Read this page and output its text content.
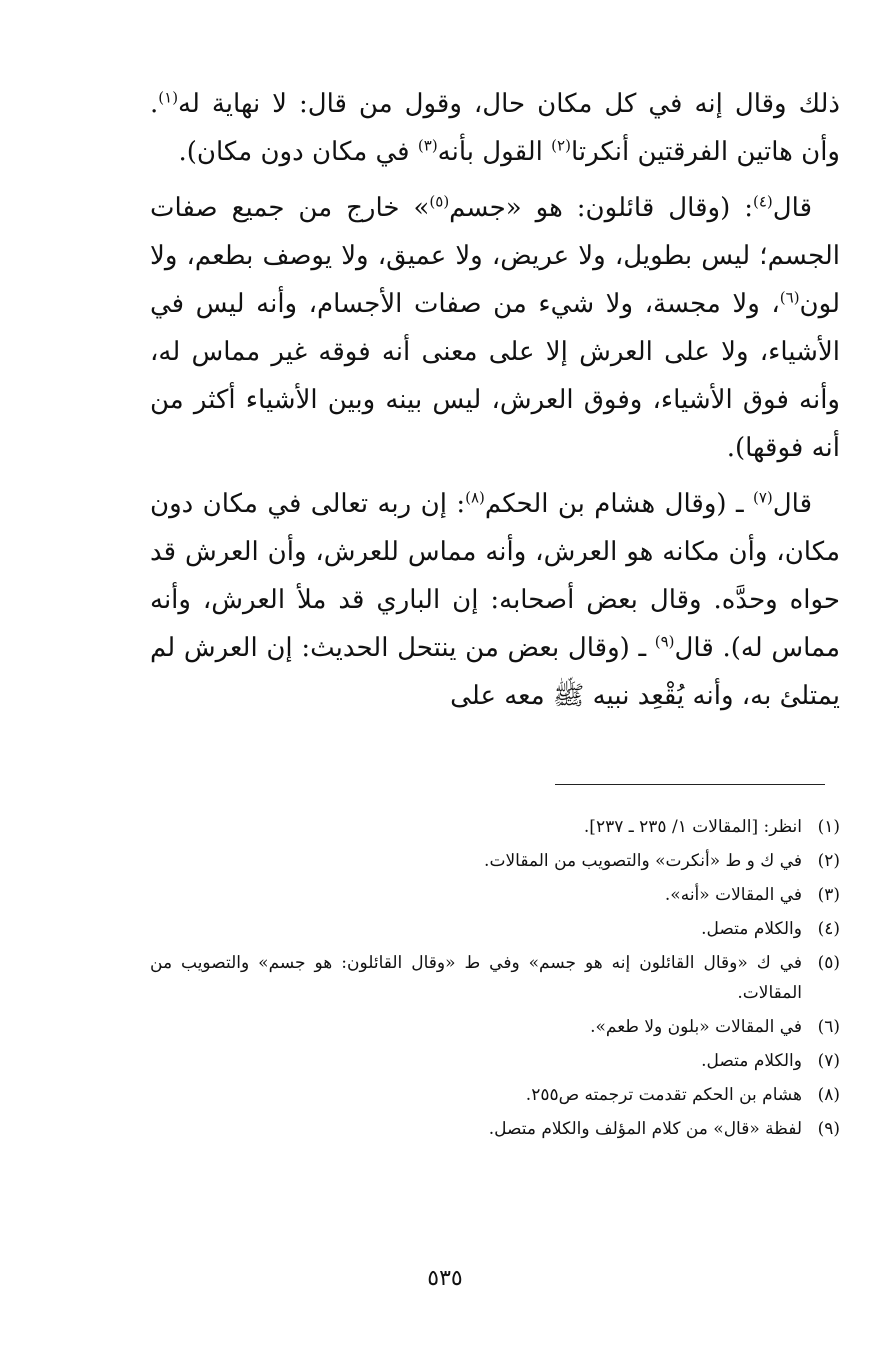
ذلك وقال إنه في كل مكان حال، وقول من قال: لا نهاية له$^{(١)}$. وأن هاتين الفرقتين أنكرتا$^{(٢)}$ القول بأنه$^{(٣)}$ في مكان دون مكان).

قال$^{(٤)}$: (وقال قائلون: هو «جسم$^{(٥)}$» خارج من جميع صفات الجسم؛ ليس بطويل، ولا عريض، ولا عميق، ولا يوصف بطعم، ولا لون$^{(٦)}$، ولا مجسة، ولا شيء من صفات الأجسام، وأنه ليس في الأشياء، ولا على العرش إلا على معنى أنه فوقه غير مماس له، وأنه فوق الأشياء، وفوق العرش، ليس بينه وبين الأشياء أكثر من أنه فوقها).

قال$^{(٧)}$ ـ (وقال هشام بن الحكم$^{(٨)}$: إن ربه تعالى في مكان دون مكان، وأن مكانه هو العرش، وأنه مماس للعرش، وأن العرش قد حواه وحدَّه. وقال بعض أصحابه: إن الباري قد ملأ العرش، وأنه مماس له). قال$^{(٩)}$ ـ (وقال بعض من ينتحل الحديث: إن العرش لم يمتلئ به، وأنه يُقْعِد نبيه ﷺ معه على

(١)
انظر: [المقالات ١/ ٢٣٥ ـ ٢٣٧].
(٢)
في ك و ط «أنكرت» والتصويب من المقالات.
(٣)
في المقالات «أنه».
(٤)
والكلام متصل.
(٥)
في ك «وقال القائلون إنه هو جسم» وفي ط «وقال القائلون: هو جسم» والتصويب من المقالات.
(٦)
في المقالات «بلون ولا طعم».
(٧)
والكلام متصل.
(٨)
هشام بن الحكم تقدمت ترجمته ص٢٥٥.
(٩)
لفظة «قال» من كلام المؤلف والكلام متصل.
٥٣٥
